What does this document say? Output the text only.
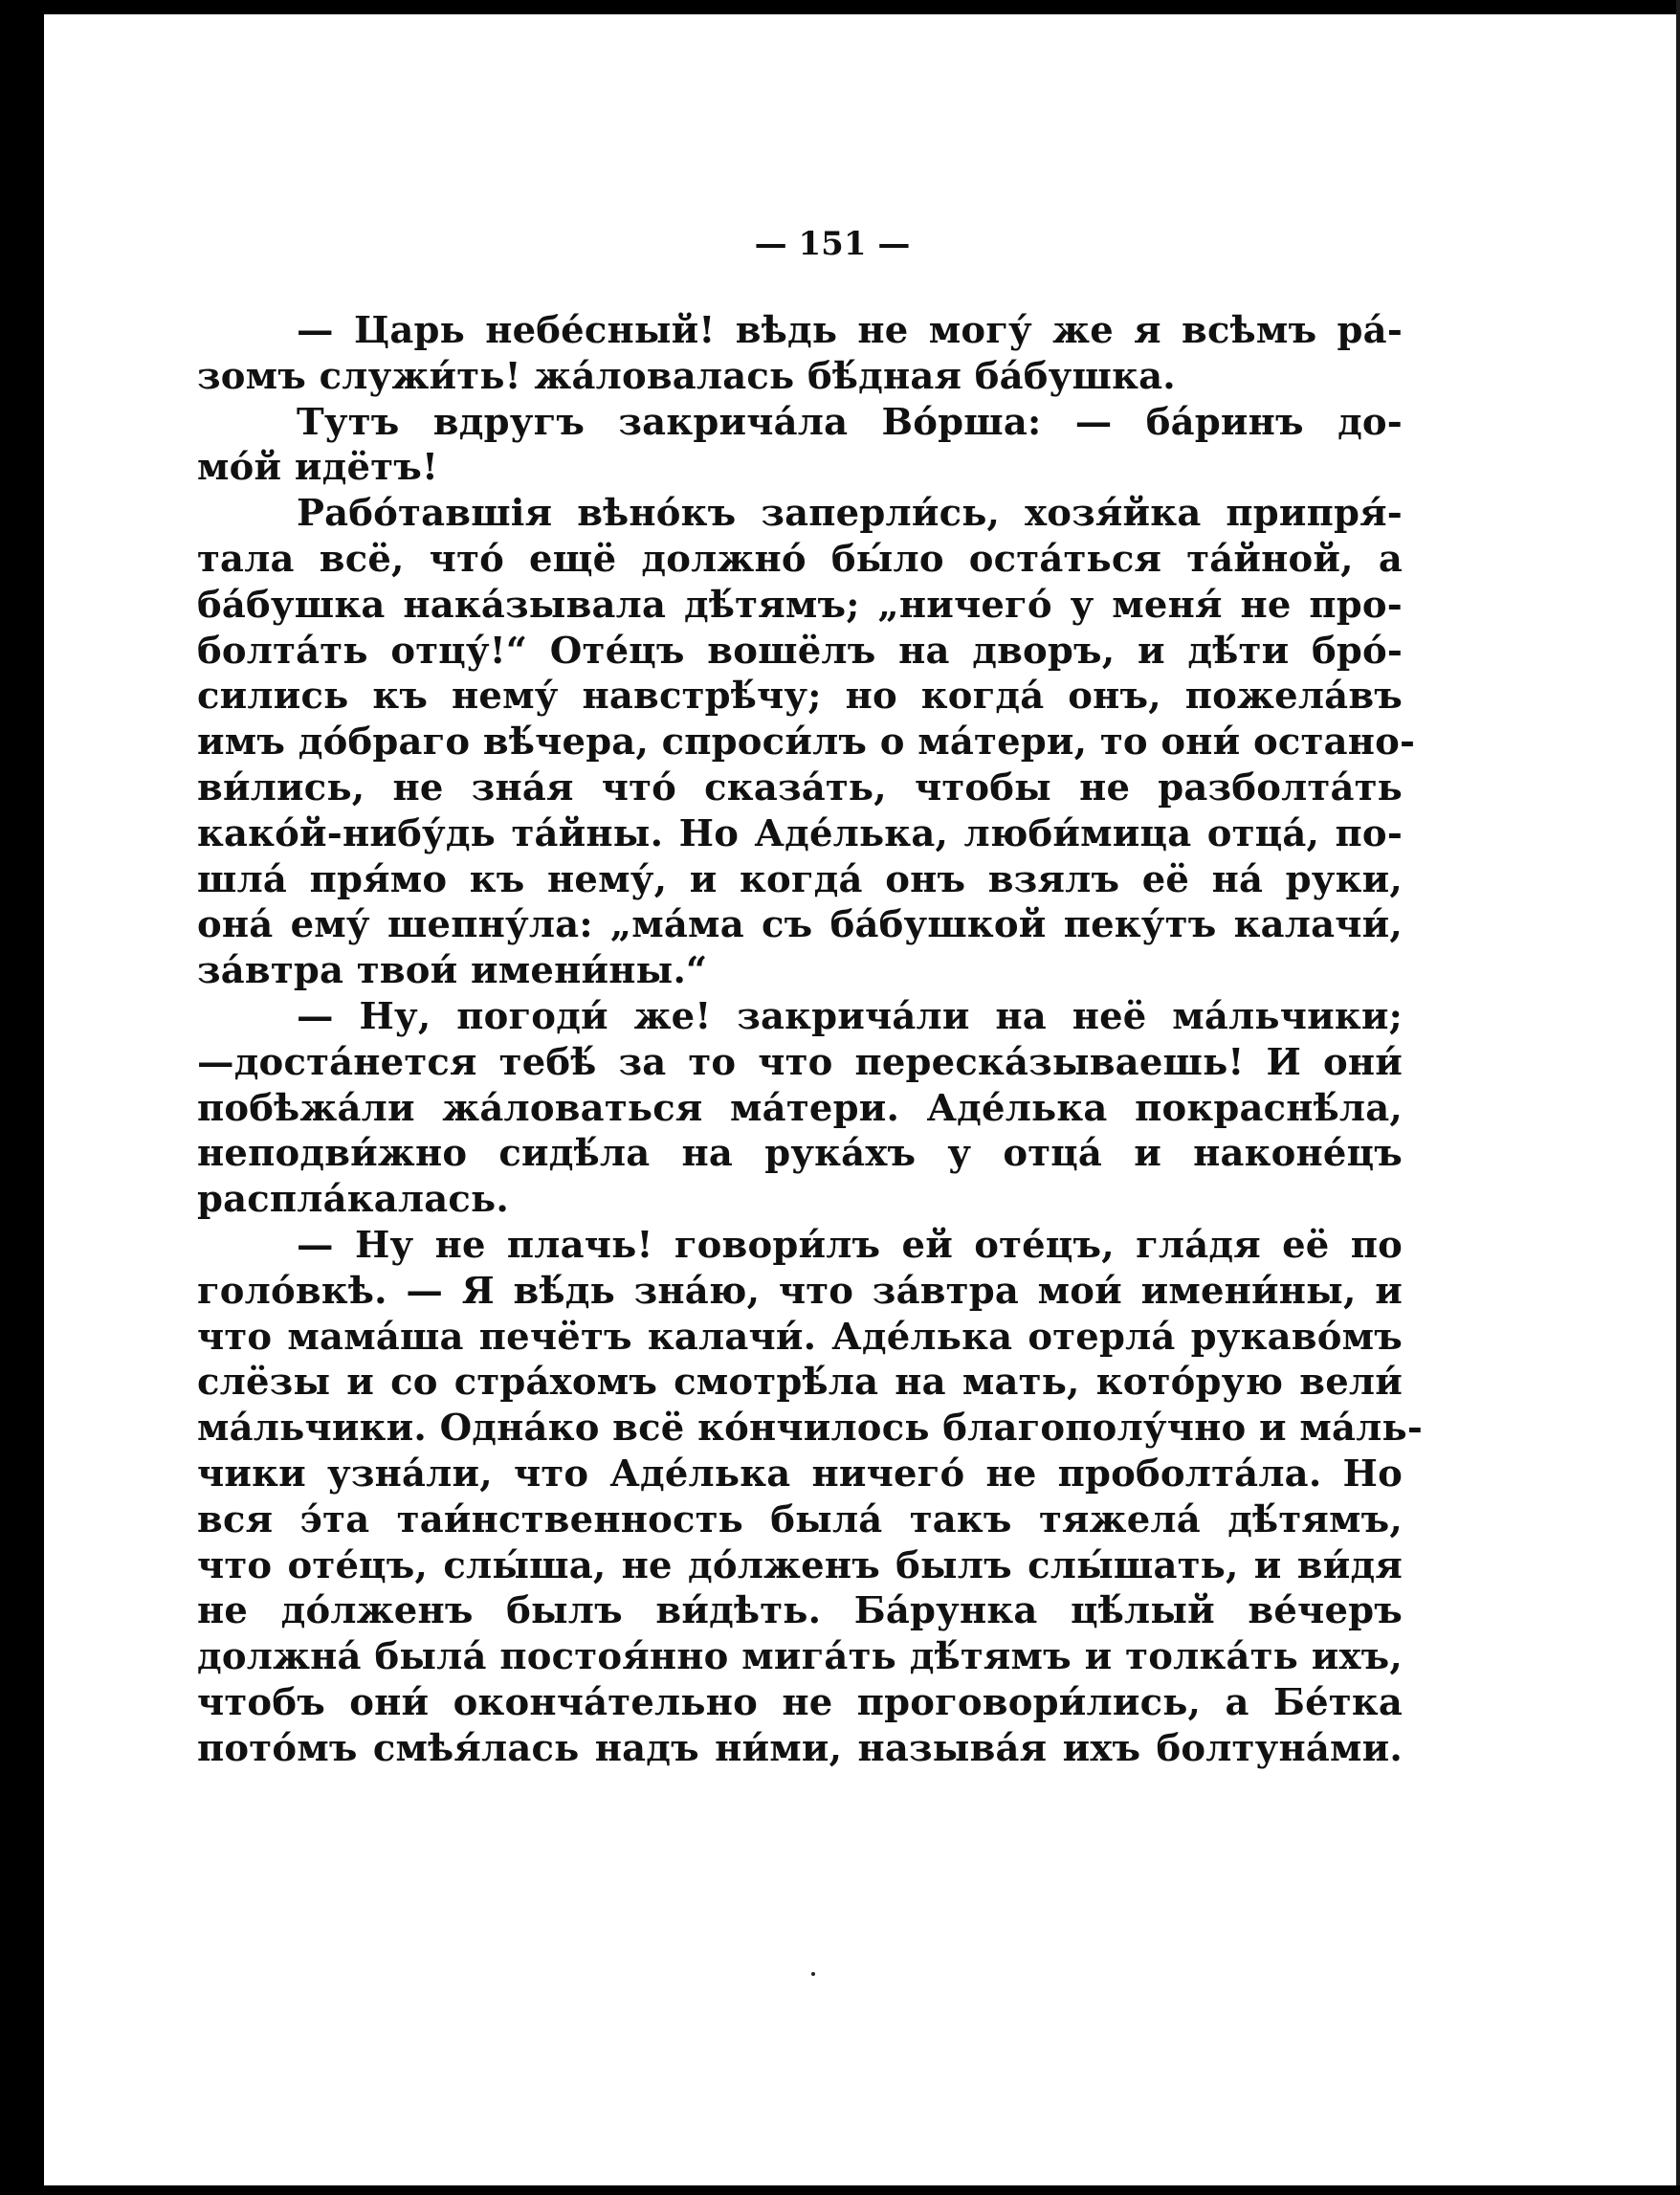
— 151 —
— Царь небе́сный! вѣдь не могу́ же я всѣмъ ра́-
зомъ служи́ть! жа́ловалась бѣ́дная ба́бушка.
Тутъ вдругъ закрича́ла Во́рша: — ба́ринъ до-
мо́й идётъ!
Рабо́тавшія вѣно́къ заперли́сь, хозя́йка припря́-
тала всё, что́ ещё должно́ бы́ло оста́ться та́йной, а
ба́бушка нака́зывала дѣ́тямъ; „ничего́ у меня́ не про-
болта́ть отцу́!“ Оте́цъ вошёлъ на дворъ, и дѣ́ти бро́-
сились къ нему́ навстрѣ́чу; но когда́ онъ, пожела́въ
имъ до́браго вѣ́чера, спроси́лъ о ма́тери, то они́ остано-
ви́лись, не зна́я что́ сказа́ть, чтобы не разболта́ть
како́й-нибу́дь та́йны. Но Аде́лька, люби́мица отца́, по-
шла́ пря́мо къ нему́, и когда́ онъ взялъ её на́ руки,
она́ ему́ шепну́ла: „ма́ма съ ба́бушкой пеку́тъ калачи́,
за́втра твои́ имени́ны.“
— Ну, погоди́ же! закрича́ли на неё ма́льчики;
—доста́нется тебѣ́ за то что переска́зываешь! И они́
побѣжа́ли жа́ловаться ма́тери. Аде́лька покраснѣ́ла,
неподви́жно сидѣ́ла на рука́хъ у отца́ и наконе́цъ
распла́калась.
— Ну не плачь! говори́лъ ей оте́цъ, гла́дя её по
голо́вкѣ. — Я вѣ́дь зна́ю, что за́втра мои́ имени́ны, и
что мама́ша печётъ калачи́. Аде́лька отерла́ рукаво́мъ
слёзы и со стра́хомъ смотрѣ́ла на мать, кото́рую вели́
ма́льчики. Однáко всё ко́нчилось благополу́чно и ма́ль-
чики узна́ли, что Аде́лька ничего́ не проболта́ла. Но
вся э́та таи́нственность была́ такъ тяжела́ дѣ́тямъ,
что оте́цъ, слы́ша, не до́лженъ былъ слы́шать, и ви́дя
не до́лженъ былъ ви́дѣть. Ба́рунка цѣ́лый ве́черъ
должна́ была́ постоя́нно мига́ть дѣ́тямъ и толка́ть ихъ,
чтобъ они́ оконча́тельно не проговори́лись, а Бе́тка
пото́мъ смѣя́лась надъ ни́ми, называ́я ихъ болтуна́ми.
